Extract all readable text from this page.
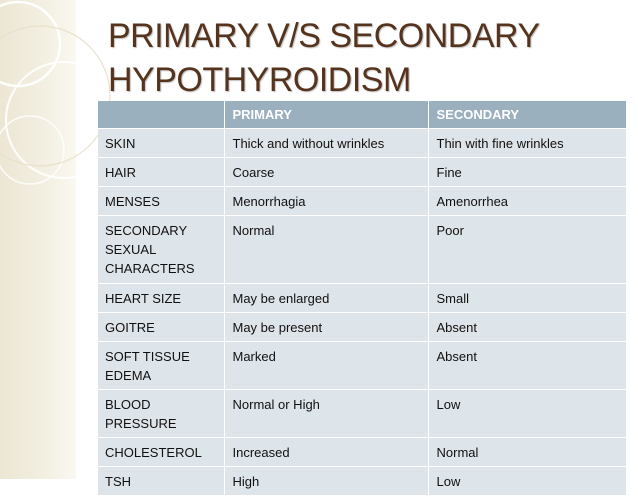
PRIMARY V/S SECONDARY
HYPOTHYROIDISM
	PRIMARY	SECONDARY
SKIN	Thick and without wrinkles	Thin with fine wrinkles
HAIR	Coarse	Fine
MENSES	Menorrhagia	Amenorrhea
SECONDARY SEXUAL CHARACTERS	Normal	Poor
HEART SIZE	May be enlarged	Small
GOITRE	May be present	Absent
SOFT TISSUE EDEMA	Marked	Absent
BLOOD PRESSURE	Normal or High	Low
CHOLESTEROL	Increased	Normal
TSH	High	Low
